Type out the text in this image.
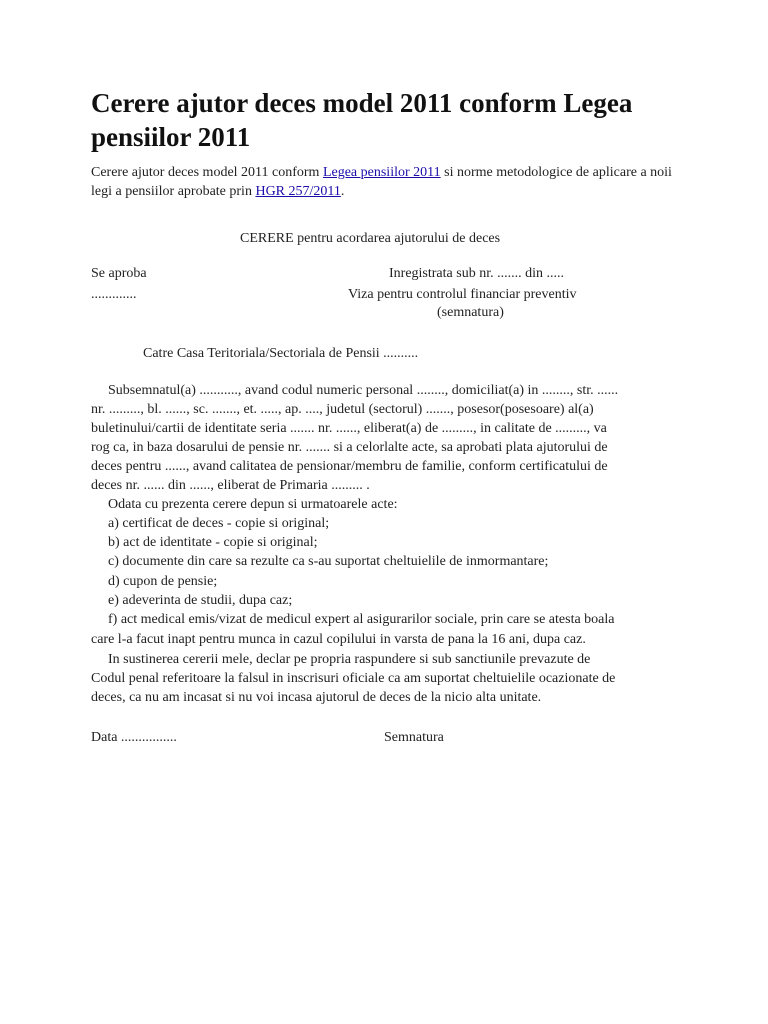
Cerere ajutor deces model 2011 conform Legea pensiilor 2011
Cerere ajutor deces model 2011 conform Legea pensiilor 2011 si norme metodologice de aplicare a noii legi a pensiilor aprobate prin HGR 257/2011.
CERERE pentru acordarea ajutorului de deces
Se aproba	Inregistrata sub nr. ....... din .....
.............	Viza pentru controlul financiar preventiv
(semnatura)
Catre Casa Teritoriala/Sectoriala de Pensii ..........
Subsemnatul(a) ..........., avand codul numeric personal ........, domiciliat(a) in ........, str. ......
nr. ........., bl. ......, sc. ......., et. ....., ap. ...., judetul (sectorul) ......., posesor(posesoare) al(a)
buletinului/cartii de identitate seria ....... nr. ......, eliberat(a) de ........., in calitate de ........., va
rog ca, in baza dosarului de pensie nr. ....... si a celorlalte acte, sa aprobati plata ajutorului de
deces pentru ......, avand calitatea de pensionar/membru de familie, conform certificatului de
deces nr. ...... din ......, eliberat de Primaria ......... .
Odata cu prezenta cerere depun si urmatoarele acte:
a) certificat de deces - copie si original;
b) act de identitate - copie si original;
c) documente din care sa rezulte ca s-au suportat cheltuielile de inmormantare;
d) cupon de pensie;
e) adeverinta de studii, dupa caz;
f) act medical emis/vizat de medicul expert al asigurarilor sociale, prin care se atesta boala
care l-a facut inapt pentru munca in cazul copilului in varsta de pana la 16 ani, dupa caz.
In sustinerea cererii mele, declar pe propria raspundere si sub sanctiunile prevazute de
Codul penal referitoare la falsul in inscrisuri oficiale ca am suportat cheltuielile ocazionate de
deces, ca nu am incasat si nu voi incasa ajutorul de deces de la nicio alta unitate.
Data ................	Semnatura
